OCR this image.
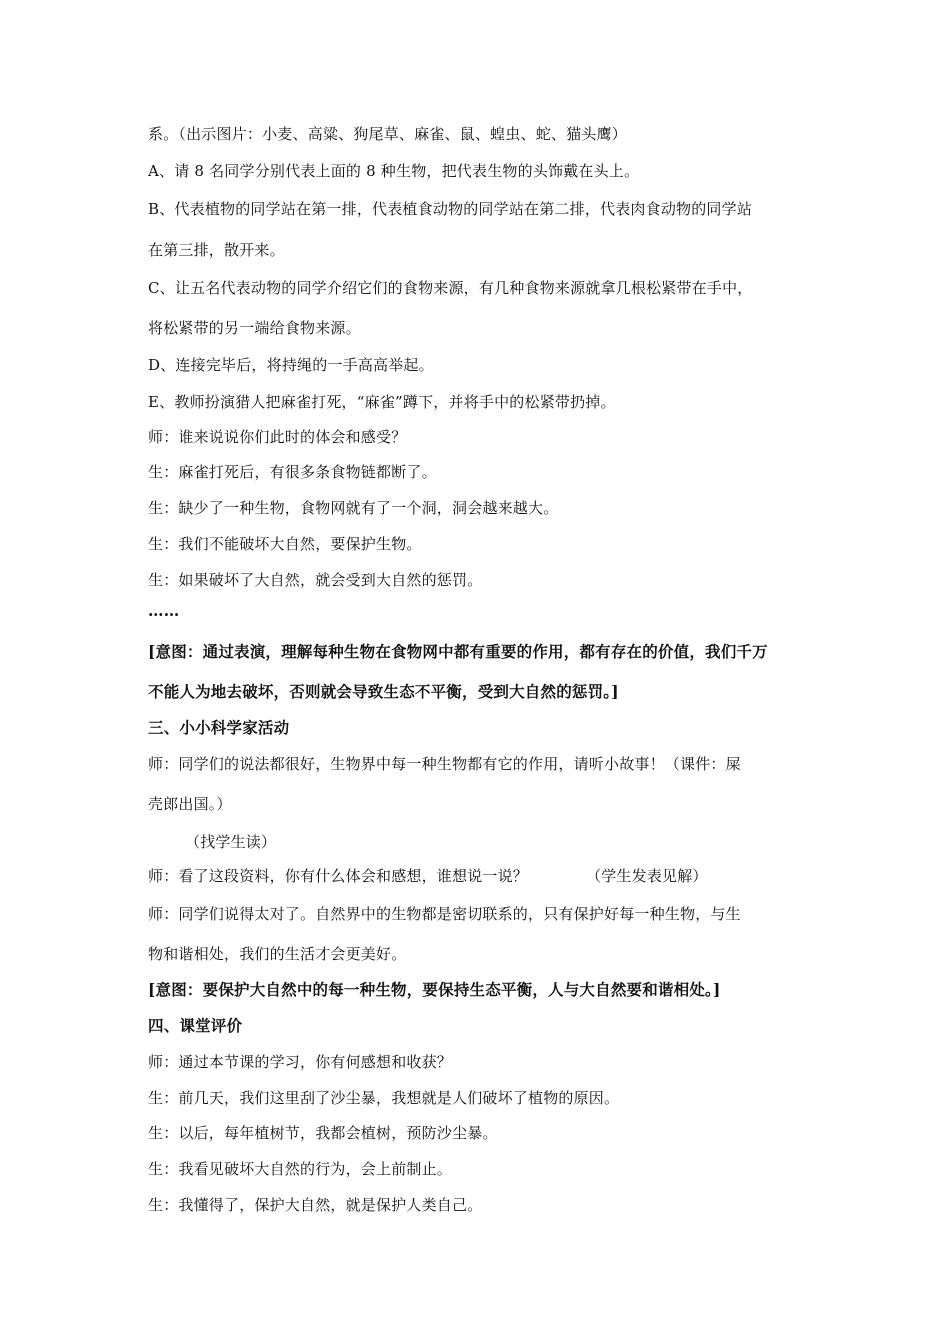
系。（出示图片：小麦、高粱、狗尾草、麻雀、鼠、蝗虫、蛇、猫头鹰）
A、请 8 名同学分别代表上面的 8 种生物，把代表生物的头饰戴在头上。
B、代表植物的同学站在第一排，代表植食动物的同学站在第二排，代表肉食动物的同学站
在第三排，散开来。
C、让五名代表动物的同学介绍它们的食物来源，有几种食物来源就拿几根松紧带在手中，
将松紧带的另一端给食物来源。
D、连接完毕后，将持绳的一手高高举起。
E、教师扮演猎人把麻雀打死，“麻雀”蹲下，并将手中的松紧带扔掉。
师：谁来说说你们此时的体会和感受？
生：麻雀打死后，有很多条食物链都断了。
生：缺少了一种生物，食物网就有了一个洞，洞会越来越大。
生：我们不能破坏大自然，要保护生物。
生：如果破坏了大自然，就会受到大自然的惩罚。
……
[意图：通过表演，理解每种生物在食物网中都有重要的作用，都有存在的价值，我们千万
不能人为地去破坏，否则就会导致生态不平衡，受到大自然的惩罚。]
三、小小科学家活动
师：同学们的说法都很好，生物界中每一种生物都有它的作用，请听小故事！（课件：屎
壳郎出国。）
（找学生读）
师：看了这段资料，你有什么体会和感想，谁想说一说？	（学生发表见解）
师：同学们说得太对了。自然界中的生物都是密切联系的，只有保护好每一种生物，与生
物和谐相处，我们的生活才会更美好。
[意图：要保护大自然中的每一种生物，要保持生态平衡，人与大自然要和谐相处。]
四、课堂评价
师：通过本节课的学习，你有何感想和收获？
生：前几天，我们这里刮了沙尘暴，我想就是人们破坏了植物的原因。
生：以后，每年植树节，我都会植树，预防沙尘暴。
生：我看见破坏大自然的行为，会上前制止。
生：我懂得了，保护大自然，就是保护人类自己。
